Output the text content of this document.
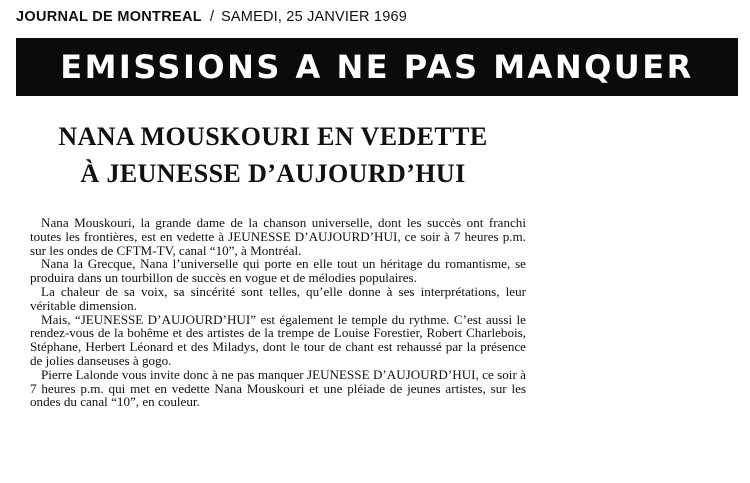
JOURNAL DE MONTREAL / SAMEDI, 25 JANVIER 1969
EMISSIONS A NE PAS MANQUER
NANA MOUSKOURI EN VEDETTE
À JEUNESSE D’AUJOURD’HUI

Nana Mouskouri, la grande dame de la chanson universelle, dont les succès ont franchi toutes les frontières, est en vedette à JEUNESSE D’AUJOURD’HUI, ce soir à 7 heures p.m. sur les ondes de CFTM-TV, canal “10”, à Montréal.

Nana la Grecque, Nana l’universelle qui porte en elle tout un héritage du romantisme, se produira dans un tourbillon de succès en vogue et de mélodies populaires.

La chaleur de sa voix, sa sincérité sont telles, qu’elle donne à ses interprétations, leur véritable dimension.

Mais, “JEUNESSE D’AUJOURD’HUI” est également le temple du rythme. C’est aussi le rendez-vous de la bohême et des artistes de la trempe de Louise Forestier, Robert Charlebois, Stéphane, Herbert Léonard et des Miladys, dont le tour de chant est rehaussé par la présence de jolies danseuses à gogo.

Pierre Lalonde vous invite donc à ne pas manquer JEUNESSE D’AUJOURD’HUI, ce soir à 7 heures p.m. qui met en vedette Nana Mouskouri et une pléiade de jeunes artistes, sur les ondes du canal “10”, en couleur.
